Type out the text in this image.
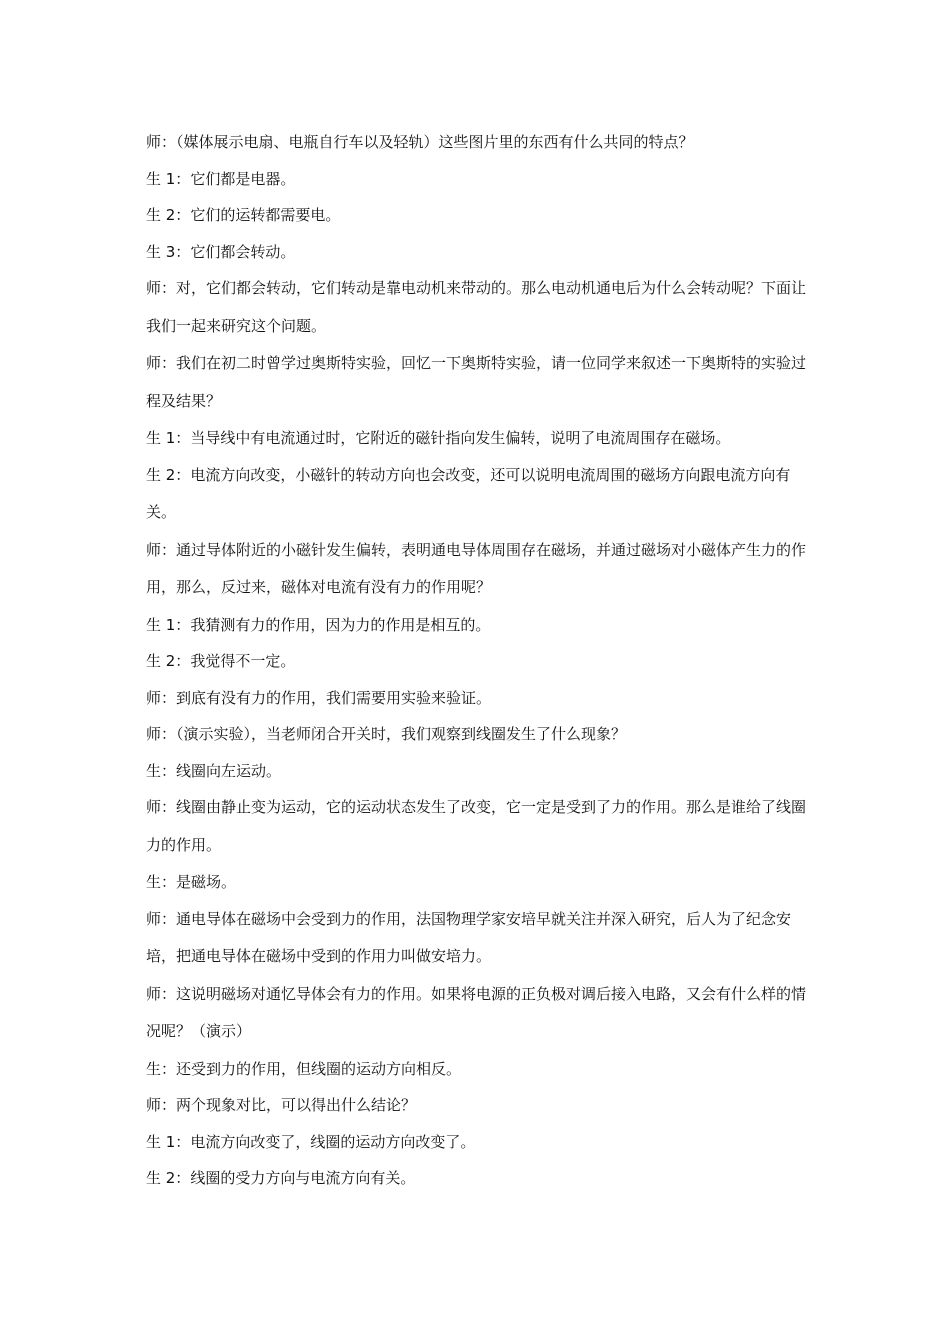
师：（媒体展示电扇、电瓶自行车以及轻轨）这些图片里的东西有什么共同的特点？

生 1：它们都是电器。

生 2：它们的运转都需要电。

生 3：它们都会转动。

师：对，它们都会转动，它们转动是靠电动机来带动的。那么电动机通电后为什么会转动呢？下面让我们一起来研究这个问题。

师：我们在初二时曾学过奥斯特实验，回忆一下奥斯特实验，请一位同学来叙述一下奥斯特的实验过程及结果？

生 1：当导线中有电流通过时，它附近的磁针指向发生偏转，说明了电流周围存在磁场。

生 2：电流方向改变，小磁针的转动方向也会改变，还可以说明电流周围的磁场方向跟电流方向有关。

师：通过导体附近的小磁针发生偏转，表明通电导体周围存在磁场，并通过磁场对小磁体产生力的作用，那么，反过来，磁体对电流有没有力的作用呢？

生 1：我猜测有力的作用，因为力的作用是相互的。

生 2：我觉得不一定。

师：到底有没有力的作用，我们需要用实验来验证。

师：（演示实验），当老师闭合开关时，我们观察到线圈发生了什么现象？

生：线圈向左运动。

师：线圈由静止变为运动，它的运动状态发生了改变，它一定是受到了力的作用。那么是谁给了线圈力的作用。

生：是磁场。

师：通电导体在磁场中会受到力的作用，法国物理学家安培早就关注并深入研究，后人为了纪念安培，把通电导体在磁场中受到的作用力叫做安培力。

师：这说明磁场对通忆导体会有力的作用。如果将电源的正负极对调后接入电路，又会有什么样的情况呢？（演示）

生：还受到力的作用，但线圈的运动方向相反。

师：两个现象对比，可以得出什么结论？

生 1：电流方向改变了，线圈的运动方向改变了。

生 2：线圈的受力方向与电流方向有关。
